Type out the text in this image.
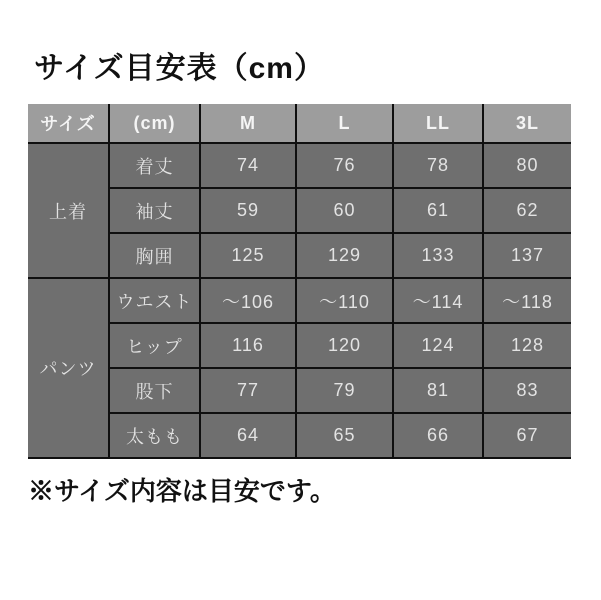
サイズ目安表（cm）
サイズ	(cm)	M	L	LL	3L
上着	着丈	74	76	78	80
	袖丈	59	60	61	62
	胸囲	125	129	133	137
パンツ	ウエスト	～106	～110	～114	～118
	ヒップ	116	120	124	128
	股下	77	79	81	83
	太もも	64	65	66	67
※サイズ内容は目安です。
